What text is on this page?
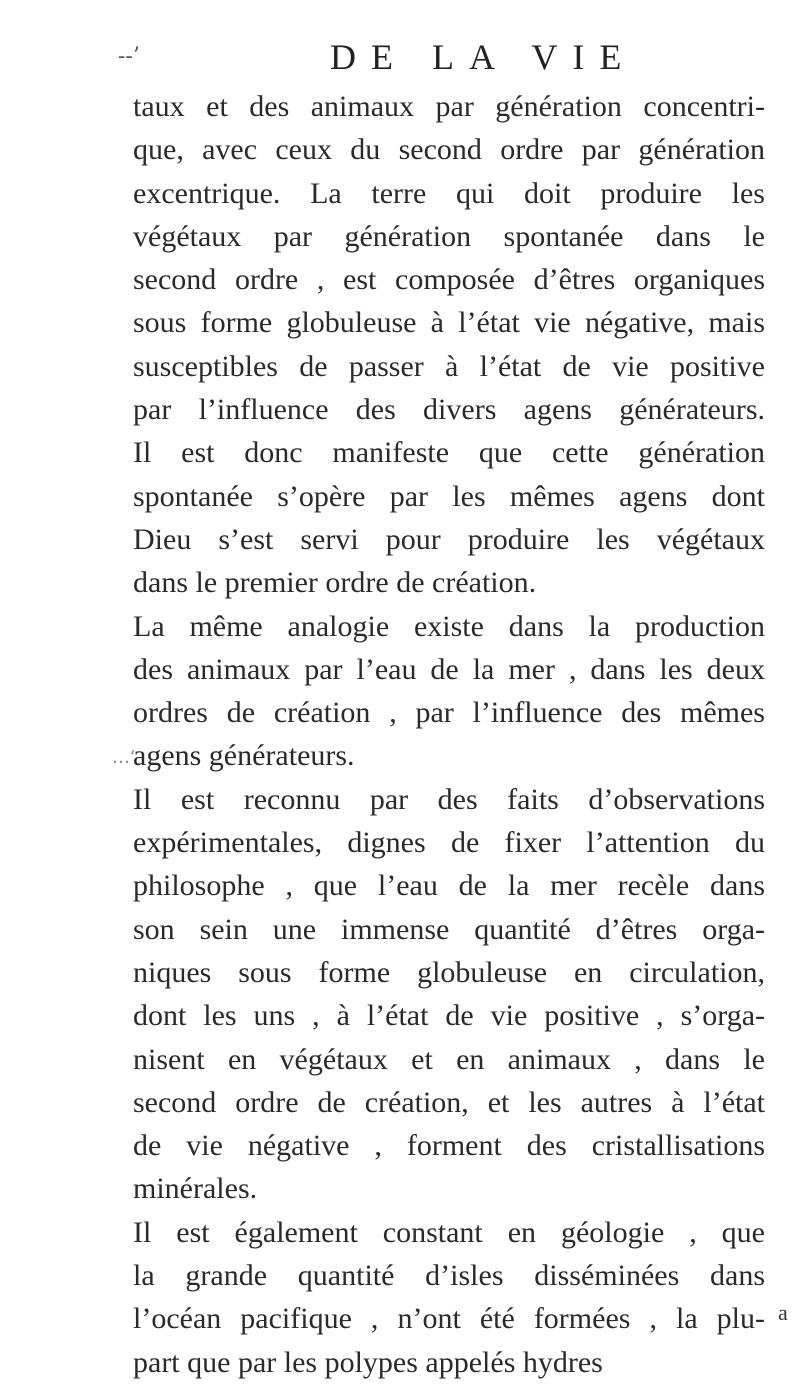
--’	DE LA VIE
…‘
taux et des animaux par génération concentri-
que, avec ceux du second ordre par génération
excentrique. La terre qui doit produire les
végétaux par génération spontanée dans le
second ordre , est composée d’êtres organiques
sous forme globuleuse à l’état vie négative, mais
susceptibles de passer à l’état de vie positive
par l’influence des divers agens générateurs.
Il est donc manifeste que cette génération
spontanée s’opère par les mêmes agens dont
Dieu s’est servi pour produire les végétaux
dans le premier ordre de création.
La même analogie existe dans la production
des animaux par l’eau de la mer , dans les deux
ordres de création , par l’influence des mêmes
agens générateurs.
Il est reconnu par des faits d’observations
expérimentales, dignes de fixer l’attention du
philosophe , que l’eau de la mer recèle dans
son sein une immense quantité d’êtres orga-
niques sous forme globuleuse en circulation,
dont les uns , à l’état de vie positive , s’orga-
nisent en végétaux et en animaux , dans le
second ordre de création, et les autres à l’état
de vie négative , forment des cristallisations
minérales.
Il est également constant en géologie , que
la grande quantité d’isles disséminées dans
l’océan pacifique , n’ont été formées , la plu-
part que par les polypes appelés hydres
a
